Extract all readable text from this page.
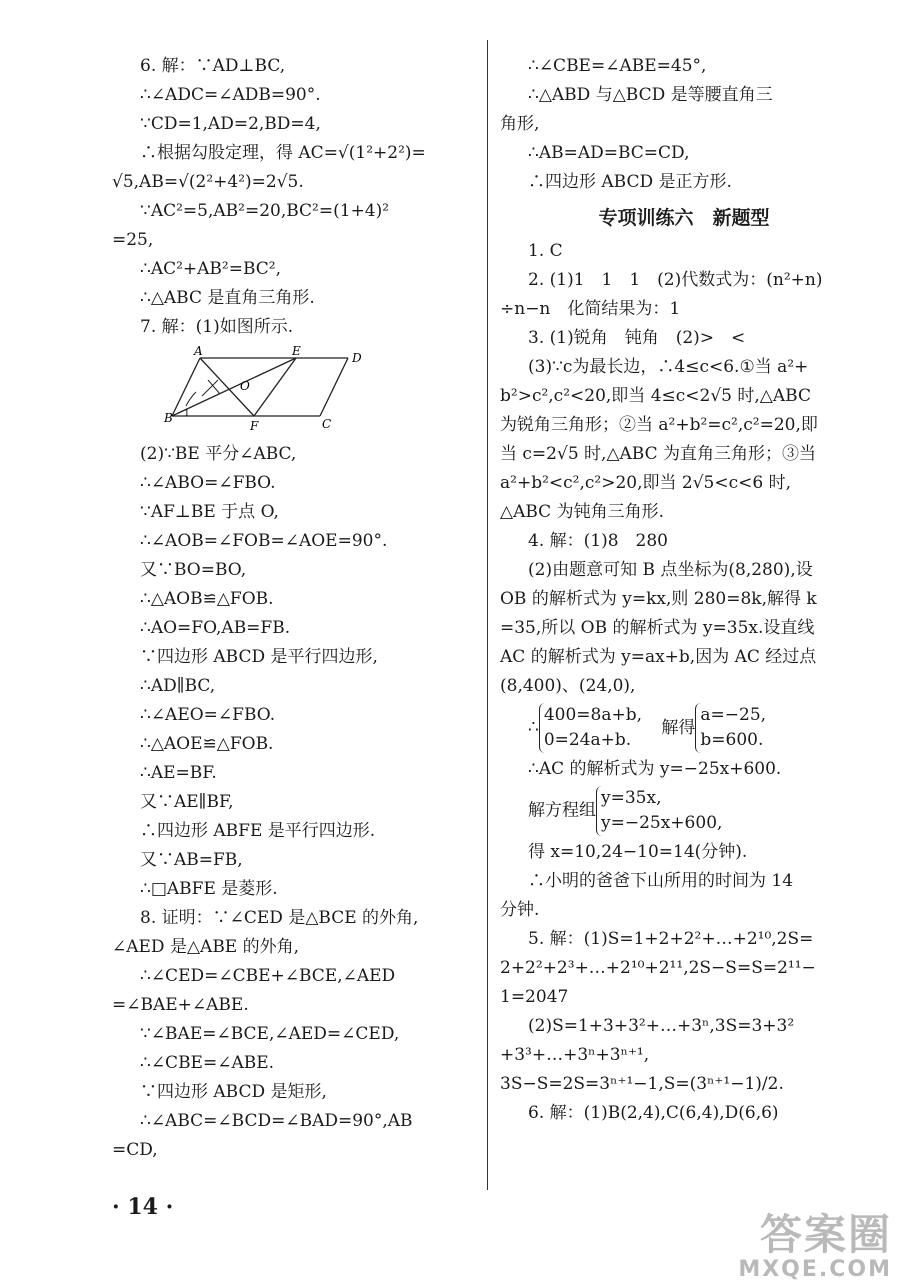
6. 解：∵AD⊥BC,
∴∠ADC=∠ADB=90°.
∵CD=1,AD=2,BD=4,
∴根据勾股定理，得 AC=√(1²+2²)=
√5,AB=√(2²+4²)=2√5.
∵AC²=5,AB²=20,BC²=(1+4)²
=25,
∴AC²+AB²=BC²,
∴△ABC 是直角三角形.
7. 解：(1)如图所示.
A	E	D
O
B 1
F	C
(2)∵BE 平分∠ABC,
∴∠ABO=∠FBO.
∵AF⊥BE 于点 O,
∴∠AOB=∠FOB=∠AOE=90°.
又∵BO=BO,
∴△AOB≌△FOB.
∴AO=FO,AB=FB.
∵四边形 ABCD 是平行四边形,
∴AD∥BC,
∴∠AEO=∠FBO.
∴△AOE≌△FOB.
∴AE=BF.
又∵AE∥BF,
∴四边形 ABFE 是平行四边形.
又∵AB=FB,
∴□ABFE 是菱形.
8. 证明：∵∠CED 是△BCE 的外角,
∠AED 是△ABE 的外角,
∴∠CED=∠CBE+∠BCE,∠AED
=∠BAE+∠ABE.
∵∠BAE=∠BCE,∠AED=∠CED,
∴∠CBE=∠ABE.
∵四边形 ABCD 是矩形,
∴∠ABC=∠BCD=∠BAD=90°,AB
=CD,
∴∠CBE=∠ABE=45°,
∴△ABD 与△BCD 是等腰直角三
角形,
∴AB=AD=BC=CD,
∴四边形 ABCD 是正方形.
专项训练六　新题型
1. C
2. (1)1　1　1　(2)代数式为：(n²+n)
÷n−n　化简结果为：1
3. (1)锐角　钝角　(2)>　<
(3)∵c为最长边，∴4≤c<6.①当 a²+
b²>c²,c²<20,即当 4≤c<2√5 时,△ABC
为锐角三角形；②当 a²+b²=c²,c²=20,即
当 c=2√5 时,△ABC 为直角三角形；③当
a²+b²<c²,c²>20,即当 2√5<c<6 时,
△ABC 为钝角三角形.
4. 解：(1)8　280
(2)由题意可知 B 点坐标为(8,280),设
OB 的解析式为 y=kx,则 280=8k,解得 k
=35,所以 OB 的解析式为 y=35x.设直线
AC 的解析式为 y=ax+b,因为 AC 经过点
(8,400)、(24,0),
∴400=8a+b,
0=24a+b. 解得a=−25,
b=600.
∴AC 的解析式为 y=−25x+600.
解方程组y=35x,
y=−25x+600,
得 x=10,24−10=14(分钟).
∴小明的爸爸下山所用的时间为 14
分钟.
5. 解：(1)S=1+2+2²+…+2¹⁰,2S=
2+2²+2³+…+2¹⁰+2¹¹,2S−S=S=2¹¹−
1=2047
(2)S=1+3+3²+…+3ⁿ,3S=3+3²
+3³+…+3ⁿ+3ⁿ⁺¹,
3S−S=2S=3ⁿ⁺¹−1,S=(3ⁿ⁺¹−1)/2.
6. 解：(1)B(2,4),C(6,4),D(6,6)
· 14 ·
答案圈
MXQE.COM
